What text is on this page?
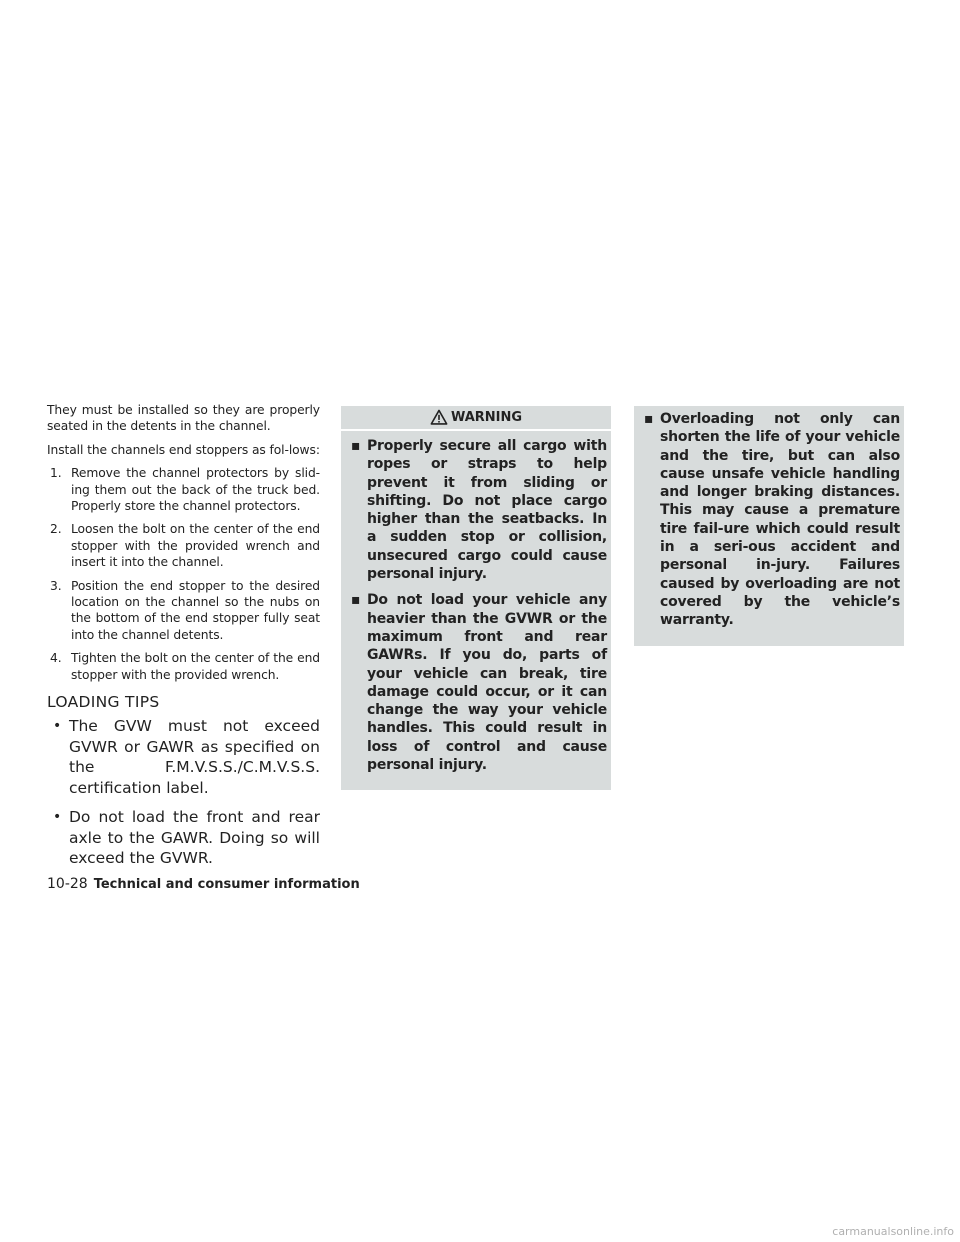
They must be installed so they are properly seated in the detents in the channel.

Install the channels end stoppers as fol-lows:

1. Remove the channel protectors by slid-ing them out the back of the truck bed. Properly store the channel protectors.
2. Loosen the bolt on the center of the end stopper with the provided wrench and insert it into the channel.
3. Position the end stopper to the desired location on the channel so the nubs on the bottom of the end stopper fully seat into the channel detents.
4. Tighten the bolt on the center of the end stopper with the provided wrench.
LOADING TIPS
• The GVW must not exceed GVWR or GAWR as specified on the F.M.V.S.S./C.M.V.S.S. certification label.
• Do not load the front and rear axle to the GAWR. Doing so will exceed the GVWR.
WARNING
▪ Properly secure all cargo with ropes or straps to help prevent it from sliding or shifting. Do not place cargo higher than the seatbacks. In a sudden stop or collision, unsecured cargo could cause personal injury.
▪ Do not load your vehicle any heavier than the GVWR or the maximum front and rear GAWRs. If you do, parts of your vehicle can break, tire damage could occur, or it can change the way your vehicle handles. This could result in loss of control and cause personal injury.
▪ Overloading not only can shorten the life of your vehicle and the tire, but can also cause unsafe vehicle handling and longer braking distances. This may cause a premature tire fail-ure which could result in a seri-ous accident and personal in-jury. Failures caused by overloading are not covered by the vehicle’s warranty.
10-28 Technical and consumer information
carmanualsonline.info
